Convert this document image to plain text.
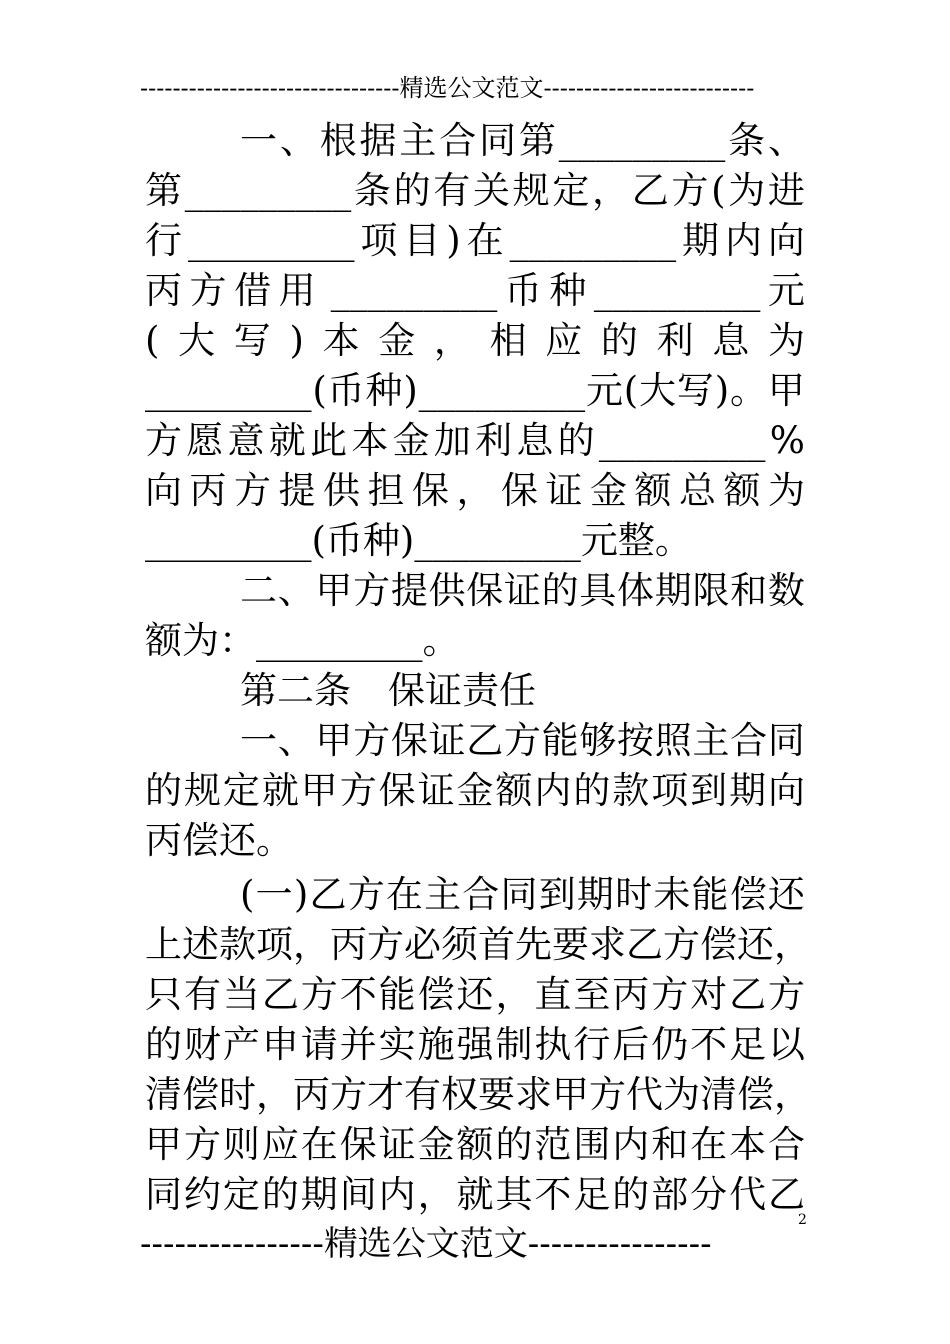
--------------------------------精选公文范文--------------------------
一 、 根 据 主 合 同 第 _________ 条 、
第 _________ 条 的 有 关 规 定 ， 乙 方 ( 为 进
行 _________ 项 目 ) 在 _________ 期 内 向
丙 方 借 用 _________ 币 种 _________ 元
( 大 写 ) 本 金 ， 相 应 的 利 息 为
_________ ( 币 种 ) _________ 元 ( 大 写 ) 。 甲
方 愿 意 就 此 本 金 加 利 息 的 _________ %
向 丙 方 提 供 担 保 ， 保 证 金 额 总 额 为
_________(币种)_________元整。
二 、 甲 方 提 供 保 证 的 具 体 期 限 和 数
额为：_________。
第二条　保证责任
一 、 甲 方 保 证 乙 方 能 够 按 照 主 合 同
的 规 定 就 甲 方 保 证 金 额 内 的 款 项 到 期 向
丙偿还。
( 一 ) 乙 方 在 主 合 同 到 期 时 未 能 偿 还
上 述 款 项 ， 丙 方 必 须 首 先 要 求 乙 方 偿 还 ，
只 有 当 乙 方 不 能 偿 还 ， 直 至 丙 方 对 乙 方
的 财 产 申 请 并 实 施 强 制 执 行 后 仍 不 足 以
清 偿 时 ， 丙 方 才 有 权 要 求 甲 方 代 为 清 偿 ，
甲 方 则 应 在 保 证 金 额 的 范 围 内 和 在 本 合
同 约 定 的 期 间 内 ， 就 其 不 足 的 部 分 代 乙
2
----------------精选公文范文----------------
